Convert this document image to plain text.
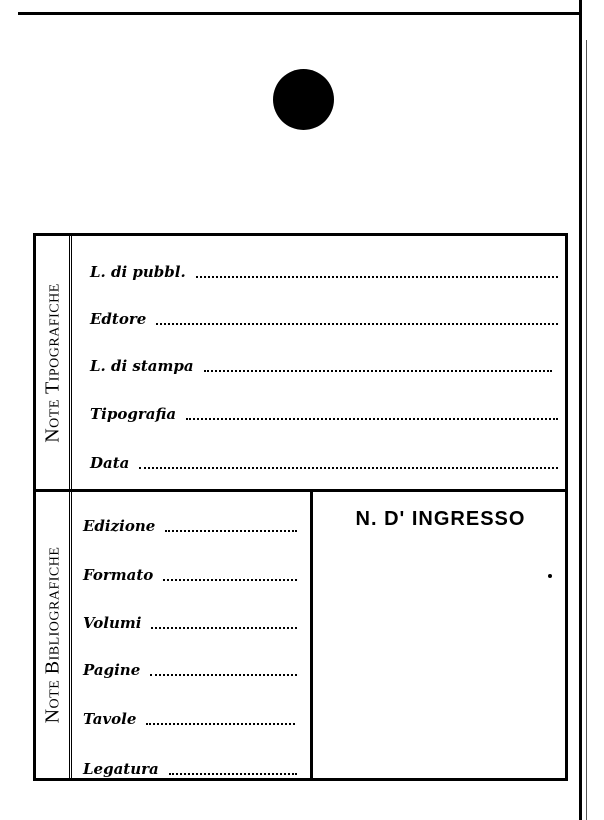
Note Tipografiche
Note Bibliografiche
L. di pubbl.
Edtore
L. di stampa
Tipografia
Data
Edizione
Formato
Volumi
Pagine
Tavole
Legatura
N. D' INGRESSO
